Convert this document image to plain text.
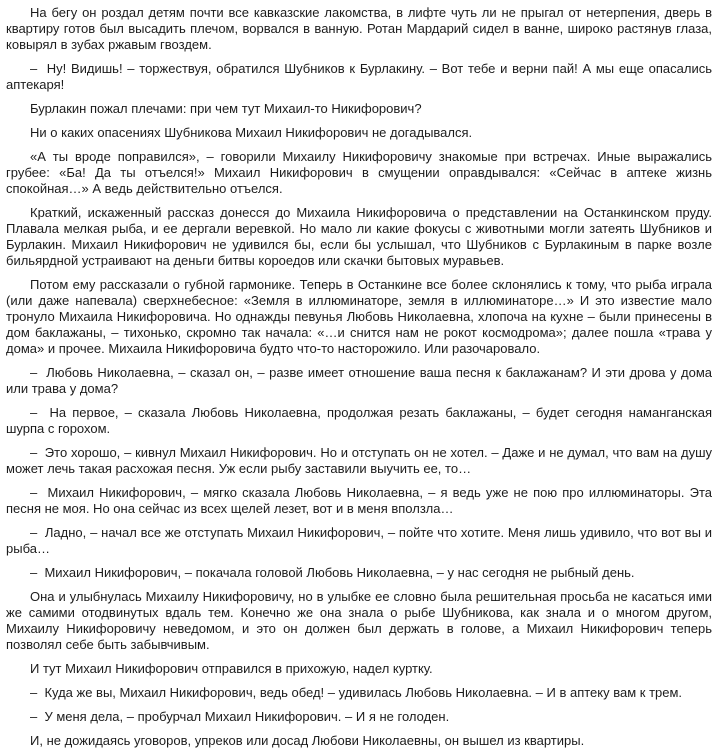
На бегу он роздал детям почти все кавказские лакомства, в лифте чуть ли не прыгал от нетерпения, дверь в квартиру готов был высадить плечом, ворвался в ванную. Ротан Мардарий сидел в ванне, широко растянув глаза, ковырял в зубах ржавым гвоздем.

–  Ну! Видишь! – торжествуя, обратился Шубников к Бурлакину. – Вот тебе и верни пай! А мы еще опасались аптекаря!

Бурлакин пожал плечами: при чем тут Михаил-то Никифорович?

Ни о каких опасениях Шубникова Михаил Никифорович не догадывался.

«А ты вроде поправился», – говорили Михаилу Никифоровичу знакомые при встречах. Иные выражались грубее: «Ба! Да ты отъелся!» Михаил Никифорович в смущении оправдывался: «Сейчас в аптеке жизнь спокойная…» А ведь действительно отъелся.

Краткий, искаженный рассказ донесся до Михаила Никифоровича о представлении на Останкинском пруду. Плавала мелкая рыба, и ее дергали веревкой. Но мало ли какие фокусы с животными могли затеять Шубников и Бурлакин. Михаил Никифорович не удивился бы, если бы услышал, что Шубников с Бурлакиным в парке возле бильярдной устраивают на деньги битвы короедов или скачки бытовых муравьев.

Потом ему рассказали о губной гармонике. Теперь в Останкине все более склонялись к тому, что рыба играла (или даже напевала) сверхнебесное: «Земля в иллюминаторе, земля в иллюминаторе…» И это известие мало тронуло Михаила Никифоровича. Но однажды певунья Любовь Николаевна, хлопоча на кухне – были принесены в дом баклажаны, – тихонько, скромно так начала: «…и снится нам не рокот космодрома»; далее пошла «трава у дома» и прочее. Михаила Никифоровича будто что-то насторожило. Или разочаровало.

–  Любовь Николаевна, – сказал он, – разве имеет отношение ваша песня к баклажанам? И эти дрова у дома или трава у дома?

–  На первое, – сказала Любовь Николаевна, продолжая резать баклажаны, – будет сегодня наманганская шурпа с горохом.

–  Это хорошо, – кивнул Михаил Никифорович. Но и отступать он не хотел. – Даже и не думал, что вам на душу может лечь такая расхожая песня. Уж если рыбу заставили выучить ее, то…

–  Михаил Никифорович, – мягко сказала Любовь Николаевна, – я ведь уже не пою про иллюминаторы. Эта песня не моя. Но она сейчас из всех щелей лезет, вот и в меня вползла…

–  Ладно, – начал все же отступать Михаил Никифорович, – пойте что хотите. Меня лишь удивило, что вот вы и рыба…

–  Михаил Никифорович, – покачала головой Любовь Николаевна, – у нас сегодня не рыбный день.

Она и улыбнулась Михаилу Никифоровичу, но в улыбке ее словно была решительная просьба не касаться ими же самими отодвинутых вдаль тем. Конечно же она знала о рыбе Шубникова, как знала и о многом другом, Михаилу Никифоровичу неведомом, и это он должен был держать в голове, а Михаил Никифорович теперь позволял себе быть забывчивым.

И тут Михаил Никифорович отправился в прихожую, надел куртку.

–  Куда же вы, Михаил Никифорович, ведь обед! – удивилась Любовь Николаевна. – И в аптеку вам к трем.

–  У меня дела, – пробурчал Михаил Никифорович. – И я не голоден.

И, не дожидаясь уговоров, упреков или досад Любови Николаевны, он вышел из квартиры.
